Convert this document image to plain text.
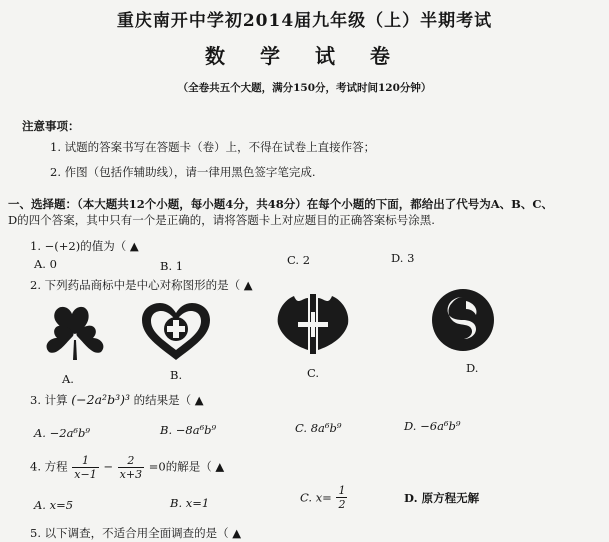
重庆南开中学初2014届九年级（上）半期考试
数 学 试 卷
（全卷共五个大题，满分150分，考试时间120分钟）
注意事项：
1. 试题的答案书写在答题卡（卷）上，不得在试卷上直接作答；
2. 作图（包括作辅助线），请一律用黑色签字笔完成.
一、选择题：（本大题共12个小题，每小题4分，共48分）在每个小题的下面，都给出了代号为A、B、C、
D的四个答案，其中只有一个是正确的，请将答题卡上对应题目的正确答案标号涂黑.
1. −(+2)的值为（ ▲
A. 0	B. 1	C. 2	D. 3
2. 下列药品商标中是中心对称图形的是（ ▲
A.	B.	C.	D.
3. 计算 (−2a²b³)³ 的结果是（ ▲
A. −2a⁶b⁹	B. −8a⁶b⁹	C. 8a⁶b⁹	D. −6a⁶b⁹
4. 方程 $\frac{1}{x-1} - \frac{2}{x+3} =0$的解是（ ▲
A. x=5	B. x=1	C. $x= \frac{1}{2}$	D. 原方程无解
5. 以下调查，不适合用全面调查的是（ ▲
